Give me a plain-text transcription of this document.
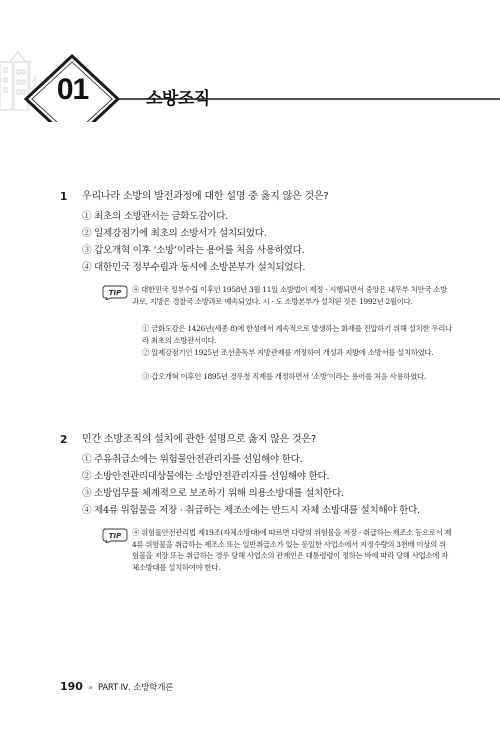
01	소방조직
1 우리나라 소방의 발전과정에 대한 설명 중 옳지 않은 것은?
① 최초의 소방관서는 금화도감이다.
② 일제강점기에 최초의 소방서가 설치되었다.
③ 갑오개혁 이후 ‘소방’이라는 용어를 처음 사용하였다.
④ 대한민국 정부수립과 동시에 소방본부가 설치되었다.
TIP ④ 대한민국 정부수립 이후인 1958년 3월 11일 소방법이 제정 · 시행되면서 중앙은 내무부 치안국 소방과로, 지방은 경찰국 소방과로 예속되었다. 시 · 도 소방본부가 설치된 것은 1992년 2월이다.
① 금화도감은 1426년(세종 8)에 한성에서 계속적으로 발생하는 화재를 진압하기 위해 설치한 우리나라 최초의 소방관서이다.
② 일제강점기인 1925년 조선총독부 지방관제를 개정하여 개성과 지방에 소방서를 설치하였다.
③ 갑오개혁 이후인 1895년 경무청 직제를 개정하면서 ‘소방’이라는 용어를 처음 사용하였다.
2 민간 소방조직의 설치에 관한 설명으로 옳지 않은 것은?
① 주유취급소에는 위험물안전관리자를 선임해야 한다.
② 소방안전관리대상물에는 소방안전관리자를 선임해야 한다.
③ 소방업무를 체계적으로 보조하기 위해 의용소방대를 설치한다.
④ 제4류 위험물을 저장 · 취급하는 제조소에는 반드시 자체 소방대를 설치해야 한다.
TIP ④ 위험물안전관리법 제19조(자체소방대)에 따르면 다량의 위험물을 저장 · 취급하는 제조소 등으로서 제4류 위험물을 취급하는 제조소 또는 일반취급소가 있는 동일한 사업소에서 지정수량의 3천배 이상의 위험물을 저장 또는 취급하는 경우 당해 사업소의 관계인은 대통령령이 정하는 바에 따라 당해 사업소에 자체소방대를 설치하여야 한다.
190 » PART Ⅳ. 소방학개론
